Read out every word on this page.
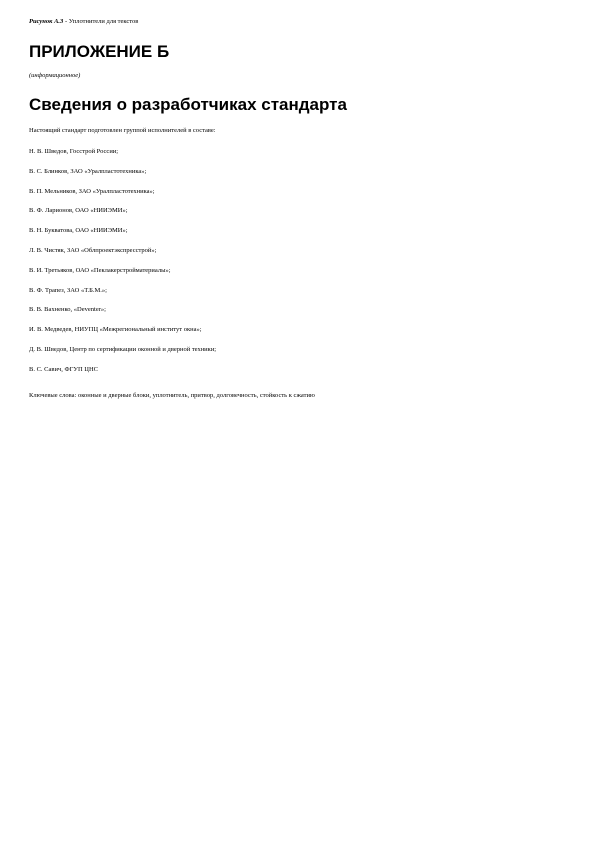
Рисунок А.3 - Уплотнители для текстов
ПРИЛОЖЕНИЕ Б
(информационное)
Сведения о разработчиках стандарта
Настоящий стандарт подготовлен группой исполнителей в составе:
Н. В. Шведов, Госстрой России;
В. С. Блинков, ЗАО «Уралпластотехника»;
В. П. Мельников, ЗАО «Уралпластотехника»;
В. Ф. Ларионов, ОАО «НИИЭМИ»;
В. Н. Букватова, ОАО «НИИЭМИ»;
Л. В. Чистяк, ЗАО «Облпроектэкспресстрой»;
В. И. Третьяков, ОАО «Пеклакерстройматериалы»;
В. Ф. Трапез, ЗАО «Т.Б.М.»;
В. В. Вахненко, «Deventer»;
И. В. Медведев, НИУПЦ «Межрегиональный институт окна»;
Д. В. Шведов, Центр по сертификации оконной и дверной техники;
В. С. Савич, ФГУП ЦНС
Ключевые слова: оконные и дверные блоки, уплотнитель, притвор, долговечность, стойкость к сжатию
